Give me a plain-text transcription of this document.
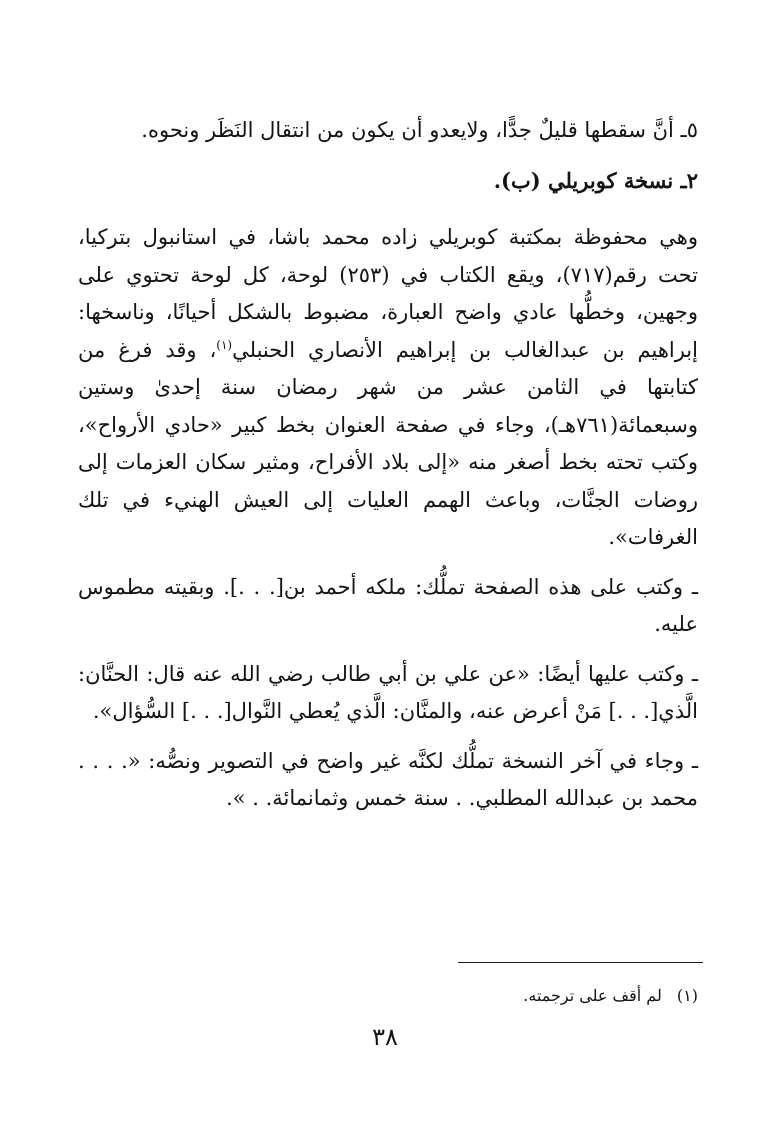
٥ـ أنَّ سقطها قليلٌ جدًّا، ولايعدو أن يكون من انتقال النَظَر ونحوه.

٢ـ نسخة كوبريلي (ب).

وهي محفوظة بمكتبة كوبريلي زاده محمد باشا، في استانبول بتركيا، تحت رقم(٧١٧)، ويقع الكتاب في (٢٥٣) لوحة، كل لوحة تحتوي على وجهين، وخطُّها عادي واضح العبارة، مضبوط بالشكل أحيانًا، وناسخها: إبراهيم بن عبدالغالب بن إبراهيم الأنصاري الحنبلي$^{(١)}$، وقد فرغ من كتابتها في الثامن عشر من شهر رمضان سنة إحدىٰ وستين وسبعمائة(٧٦١هـ)، وجاء في صفحة العنوان بخط كبير «حادي الأرواح»، وكتب تحته بخط أصغر منه «إلى بلاد الأفراح، ومثير سكان العزمات إلى روضات الجنَّات، وباعث الهمم العليات إلى العيش الهنيء في تلك الغرفات».

ـ وكتب على هذه الصفحة تملُّك: ملكه أحمد بن[. . .]. وبقيته مطموس عليه.

ـ وكتب عليها أيضًا: «عن علي بن أبي طالب رضي الله عنه قال: الحنَّان: الَّذي[. . .] مَنْ أعرض عنه، والمنَّان: الَّذي يُعطي النَّوال[. . .] السُّؤال».

ـ وجاء في آخر النسخة تملُّك لكنَّه غير واضح في التصوير ونصُّه: «. . . . محمد بن عبدالله المطلبي. . سنة خمس وثمانمائة. . ».

(١) لم أقف على ترجمته.
٣٨
